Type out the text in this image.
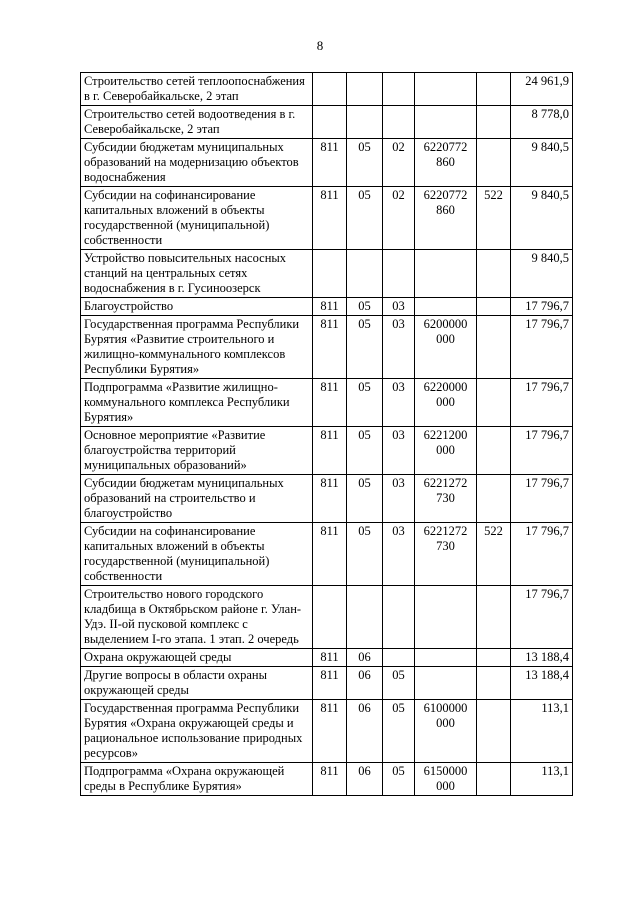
8
Строительство сетей теплоопоснабжения в г. Северобайкальске, 2 этап						24 961,9
Строительство сетей водоотведения в г. Северобайкальске, 2 этап						8 778,0
Субсидии бюджетам муниципальных образований на модернизацию объектов водоснабжения	811	05	02	6220772 860		9 840,5
Субсидии на софинансирование капитальных вложений в объекты государственной (муниципальной) собственности	811	05	02	6220772 860	522	9 840,5
Устройство повысительных насосных станций на центральных сетях водоснабжения в г. Гусиноозерск						9 840,5
Благоустройство	811	05	03			17 796,7
Государственная программа Республики Бурятия «Развитие строительного и жилищно-коммунального комплексов Республики Бурятия»	811	05	03	6200000 000		17 796,7
Подпрограмма «Развитие жилищно-коммунального комплекса Республики Бурятия»	811	05	03	6220000 000		17 796,7
Основное мероприятие «Развитие благоустройства территорий муниципальных образований»	811	05	03	6221200 000		17 796,7
Субсидии бюджетам муниципальных образований на строительство и благоустройство	811	05	03	6221272 730		17 796,7
Субсидии на софинансирование капитальных вложений в объекты государственной (муниципальной) собственности	811	05	03	6221272 730	522	17 796,7
Строительство нового городского кладбища в Октябрьском районе г. Улан-Удэ. II-ой пусковой комплекс с выделением I-го этапа. 1 этап. 2 очередь						17 796,7
Охрана окружающей среды	811	06				13 188,4
Другие вопросы в области охраны окружающей среды	811	06	05			13 188,4
Государственная программа Республики Бурятия «Охрана окружающей среды и рациональное использование природных ресурсов»	811	06	05	6100000 000		113,1
Подпрограмма «Охрана окружающей среды в Республике Бурятия»	811	06	05	6150000 000		113,1
